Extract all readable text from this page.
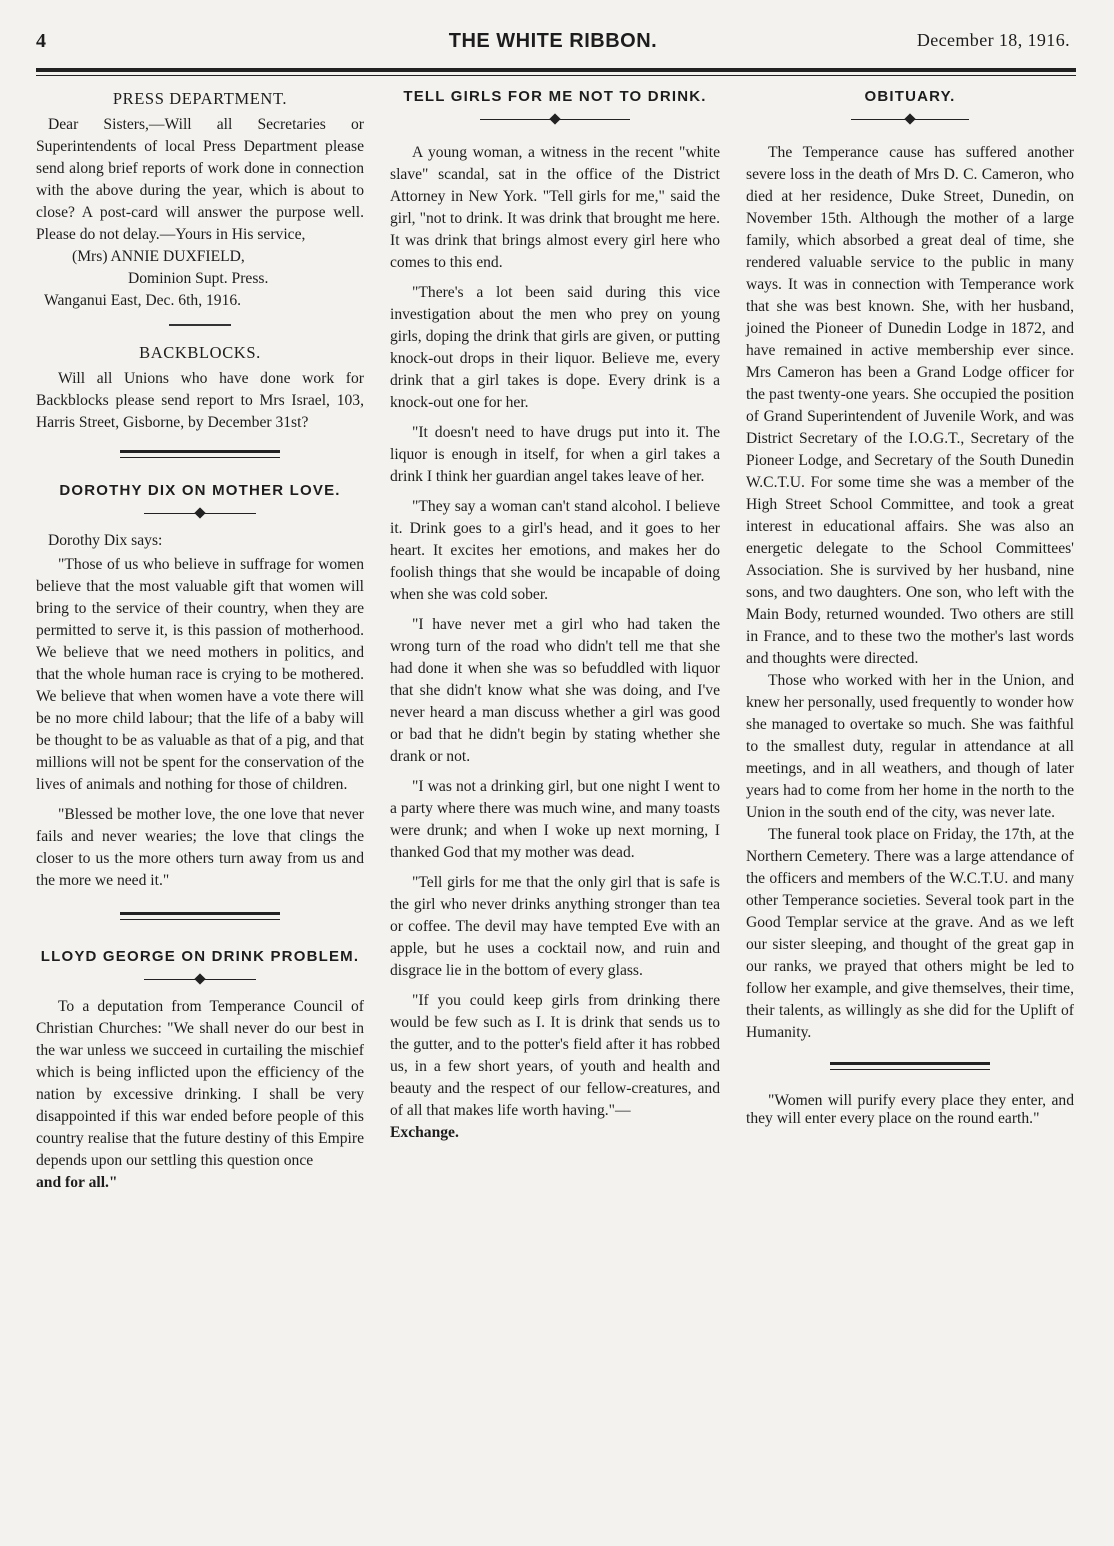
4	THE WHITE RIBBON.	December 18, 1916.
PRESS DEPARTMENT.

Dear Sisters,—Will all Secretaries or Superintendents of local Press Department please send along brief reports of work done in connection with the above during the year, which is about to close? A post-card will answer the purpose well. Please do not delay.—Yours in His service,

(Mrs) ANNIE DUXFIELD,
Dominion Supt. Press.
Wanganui East, Dec. 6th, 1916.
BACKBLOCKS.

Will all Unions who have done work for Backblocks please send report to Mrs Israel, 103, Harris Street, Gisborne, by December 31st?

DOROTHY DIX ON MOTHER LOVE.

Dorothy Dix says:

"Those of us who believe in suffrage for women believe that the most valuable gift that women will bring to the service of their country, when they are permitted to serve it, is this passion of motherhood. We believe that we need mothers in politics, and that the whole human race is crying to be mothered. We believe that when women have a vote there will be no more child labour; that the life of a baby will be thought to be as valuable as that of a pig, and that millions will not be spent for the conservation of the lives of animals and nothing for those of children.

"Blessed be mother love, the one love that never fails and never wearies; the love that clings the closer to us the more others turn away from us and the more we need it."

LLOYD GEORGE ON DRINK PROBLEM.

To a deputation from Temperance Council of Christian Churches: "We shall never do our best in the war unless we succeed in curtailing the mischief which is being inflicted upon the efficiency of the nation by excessive drinking. I shall be very disappointed if this war ended before people of this country realise that the future destiny of this Empire depends upon our settling this question once

and for all."
TELL GIRLS FOR ME NOT TO DRINK.

A young woman, a witness in the recent "white slave" scandal, sat in the office of the District Attorney in New York. "Tell girls for me," said the girl, "not to drink. It was drink that brought me here. It was drink that brings almost every girl here who comes to this end.

"There's a lot been said during this vice investigation about the men who prey on young girls, doping the drink that girls are given, or putting knock-out drops in their liquor. Believe me, every drink that a girl takes is dope. Every drink is a knock-out one for her.

"It doesn't need to have drugs put into it. The liquor is enough in itself, for when a girl takes a drink I think her guardian angel takes leave of her.

"They say a woman can't stand alcohol. I believe it. Drink goes to a girl's head, and it goes to her heart. It excites her emotions, and makes her do foolish things that she would be incapable of doing when she was cold sober.

"I have never met a girl who had taken the wrong turn of the road who didn't tell me that she had done it when she was so befuddled with liquor that she didn't know what she was doing, and I've never heard a man discuss whether a girl was good or bad that he didn't begin by stating whether she drank or not.

"I was not a drinking girl, but one night I went to a party where there was much wine, and many toasts were drunk; and when I woke up next morning, I thanked God that my mother was dead.

"Tell girls for me that the only girl that is safe is the girl who never drinks anything stronger than tea or coffee. The devil may have tempted Eve with an apple, but he uses a cocktail now, and ruin and disgrace lie in the bottom of every glass.

"If you could keep girls from drinking there would be few such as I. It is drink that sends us to the gutter, and to the potter's field after it has robbed us, in a few short years, of youth and health and beauty and the respect of our fellow-creatures, and of all that makes life worth having."—

Exchange.
OBITUARY.

The Temperance cause has suffered another severe loss in the death of Mrs D. C. Cameron, who died at her residence, Duke Street, Dunedin, on November 15th. Although the mother of a large family, which absorbed a great deal of time, she rendered valuable service to the public in many ways. It was in connection with Temperance work that she was best known. She, with her husband, joined the Pioneer of Dunedin Lodge in 1872, and have remained in active membership ever since. Mrs Cameron has been a Grand Lodge officer for the past twenty-one years. She occupied the position of Grand Superintendent of Juvenile Work, and was District Secretary of the I.O.G.T., Secretary of the Pioneer Lodge, and Secretary of the South Dunedin W.C.T.U. For some time she was a member of the High Street School Committee, and took a great interest in educational affairs. She was also an energetic delegate to the School Committees' Association. She is survived by her husband, nine sons, and two daughters. One son, who left with the Main Body, returned wounded. Two others are still in France, and to these two the mother's last words and thoughts were directed.

Those who worked with her in the Union, and knew her personally, used frequently to wonder how she managed to overtake so much. She was faithful to the smallest duty, regular in attendance at all meetings, and in all weathers, and though of later years had to come from her home in the north to the Union in the south end of the city, was never late.

The funeral took place on Friday, the 17th, at the Northern Cemetery. There was a large attendance of the officers and members of the W.C.T.U. and many other Temperance societies. Several took part in the Good Templar service at the grave. And as we left our sister sleeping, and thought of the great gap in our ranks, we prayed that others might be led to follow her example, and give themselves, their time, their talents, as willingly as she did for the Uplift of Humanity.

"Women will purify every place they enter, and they will enter every place on the round earth."
